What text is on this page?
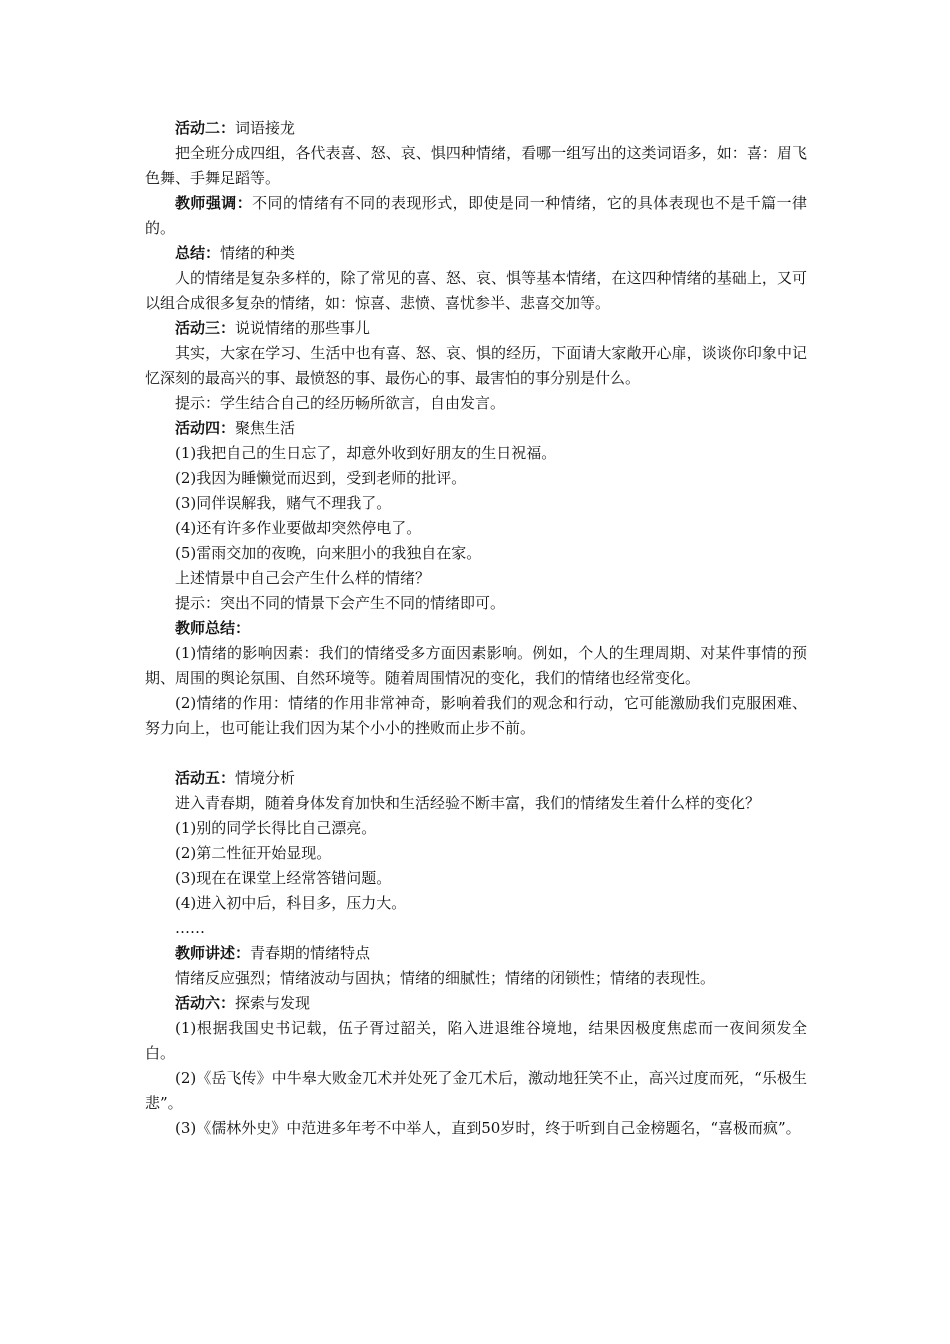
活动二：词语接龙

把全班分成四组，各代表喜、怒、哀、惧四种情绪，看哪一组写出的这类词语多，如：喜：眉飞色舞、手舞足蹈等。

教师强调：不同的情绪有不同的表现形式，即使是同一种情绪，它的具体表现也不是千篇一律的。

总结：情绪的种类

人的情绪是复杂多样的，除了常见的喜、怒、哀、惧等基本情绪，在这四种情绪的基础上，又可以组合成很多复杂的情绪，如：惊喜、悲愤、喜忧参半、悲喜交加等。

活动三：说说情绪的那些事儿

其实，大家在学习、生活中也有喜、怒、哀、惧的经历，下面请大家敞开心扉，谈谈你印象中记忆深刻的最高兴的事、最愤怒的事、最伤心的事、最害怕的事分别是什么。

提示：学生结合自己的经历畅所欲言，自由发言。

活动四：聚焦生活

(1)我把自己的生日忘了，却意外收到好朋友的生日祝福。

(2)我因为睡懒觉而迟到，受到老师的批评。

(3)同伴误解我，赌气不理我了。

(4)还有许多作业要做却突然停电了。

(5)雷雨交加的夜晚，向来胆小的我独自在家。

上述情景中自己会产生什么样的情绪？

提示：突出不同的情景下会产生不同的情绪即可。

教师总结：

(1)情绪的影响因素：我们的情绪受多方面因素影响。例如，个人的生理周期、对某件事情的预期、周围的舆论氛围、自然环境等。随着周围情况的变化，我们的情绪也经常变化。

(2)情绪的作用：情绪的作用非常神奇，影响着我们的观念和行动，它可能激励我们克服困难、努力向上，也可能让我们因为某个小小的挫败而止步不前。

活动五：情境分析

进入青春期，随着身体发育加快和生活经验不断丰富，我们的情绪发生着什么样的变化？

(1)别的同学长得比自己漂亮。

(2)第二性征开始显现。

(3)现在在课堂上经常答错问题。

(4)进入初中后，科目多，压力大。

……

教师讲述：青春期的情绪特点

情绪反应强烈；情绪波动与固执；情绪的细腻性；情绪的闭锁性；情绪的表现性。

活动六：探索与发现

(1)根据我国史书记载，伍子胥过韶关，陷入进退维谷境地，结果因极度焦虑而一夜间须发全白。

(2)《岳飞传》中牛皋大败金兀术并处死了金兀术后，激动地狂笑不止，高兴过度而死，“乐极生悲”。

(3)《儒林外史》中范进多年考不中举人，直到50岁时，终于听到自己金榜题名，“喜极而疯”。
